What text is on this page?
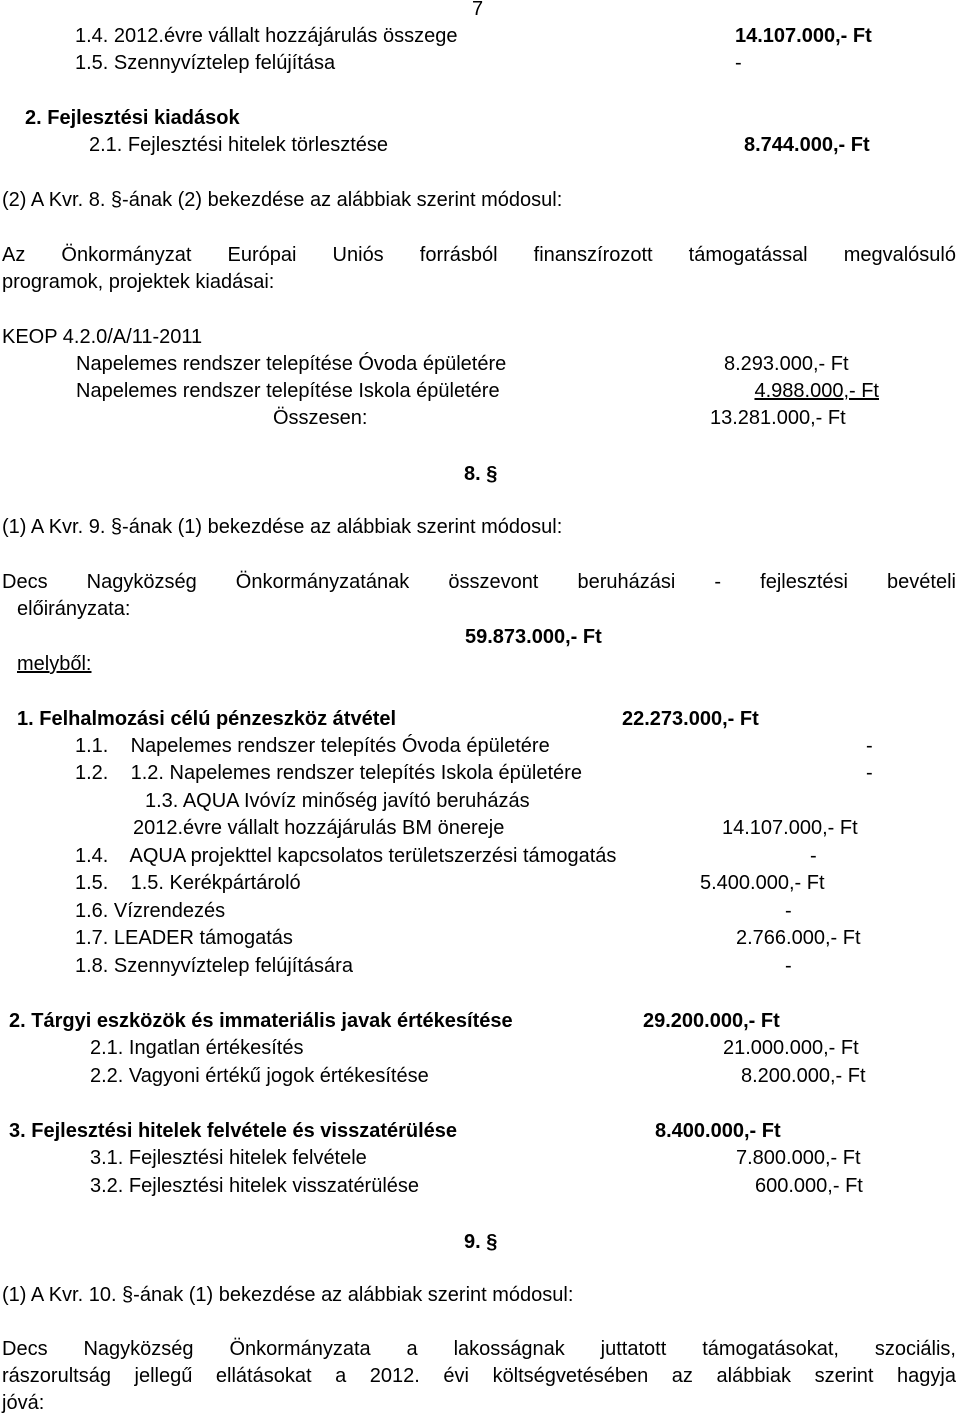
7
1.4. 2012.évre vállalt hozzájárulás összege	14.107.000,- Ft
1.5. Szennyvíztelep felújítása	-
2. Fejlesztési kiadások
2.1. Fejlesztési hitelek törlesztése	8.744.000,- Ft
(2) A Kvr. 8. §-ának (2) bekezdése az alábbiak szerint módosul:
Az Önkormányzat Európai Uniós forrásból finanszírozott támogatással megvalósuló
programok, projektek kiadásai:
KEOP 4.2.0/A/11-2011
Napelemes rendszer telepítése Óvoda épületére	8.293.000,- Ft
Napelemes rendszer telepítése Iskola épületére	4.988.000,- Ft
Összesen:	13.281.000,- Ft
8. §
(1) A Kvr. 9. §-ának (1) bekezdése az alábbiak szerint módosul:
Decs Nagyközség Önkormányzatának összevont beruházási - fejlesztési bevételi
előirányzata:
59.873.000,- Ft
melyből:
1. Felhalmozási célú pénzeszköz átvétel	22.273.000,- Ft
1.1.    Napelemes rendszer telepítés Óvoda épületére	-
1.2.    1.2. Napelemes rendszer telepítés Iskola épületére	-
1.3. AQUA Ivóvíz minőség javító beruházás
2012.évre vállalt hozzájárulás BM önereje	14.107.000,- Ft
1.4.    AQUA projekttel kapcsolatos területszerzési támogatás	-
1.5.    1.5. Kerékpártároló	5.400.000,- Ft
1.6. Vízrendezés	-
1.7. LEADER támogatás	2.766.000,- Ft
1.8. Szennyvíztelep felújítására	-
2. Tárgyi eszközök és immateriális javak értékesítése	29.200.000,- Ft
2.1. Ingatlan értékesítés	21.000.000,- Ft
2.2. Vagyoni értékű jogok értékesítése	8.200.000,- Ft
3. Fejlesztési hitelek felvétele és visszatérülése	8.400.000,- Ft
3.1. Fejlesztési hitelek felvétele	7.800.000,- Ft
3.2. Fejlesztési hitelek visszatérülése	600.000,- Ft
9. §
(1) A Kvr. 10. §-ának (1) bekezdése az alábbiak szerint módosul:
Decs Nagyközség Önkormányzata a lakosságnak juttatott támogatásokat, szociális,
rászorultság jellegű ellátásokat a 2012. évi költségvetésében az alábbiak szerint hagyja
jóvá:
